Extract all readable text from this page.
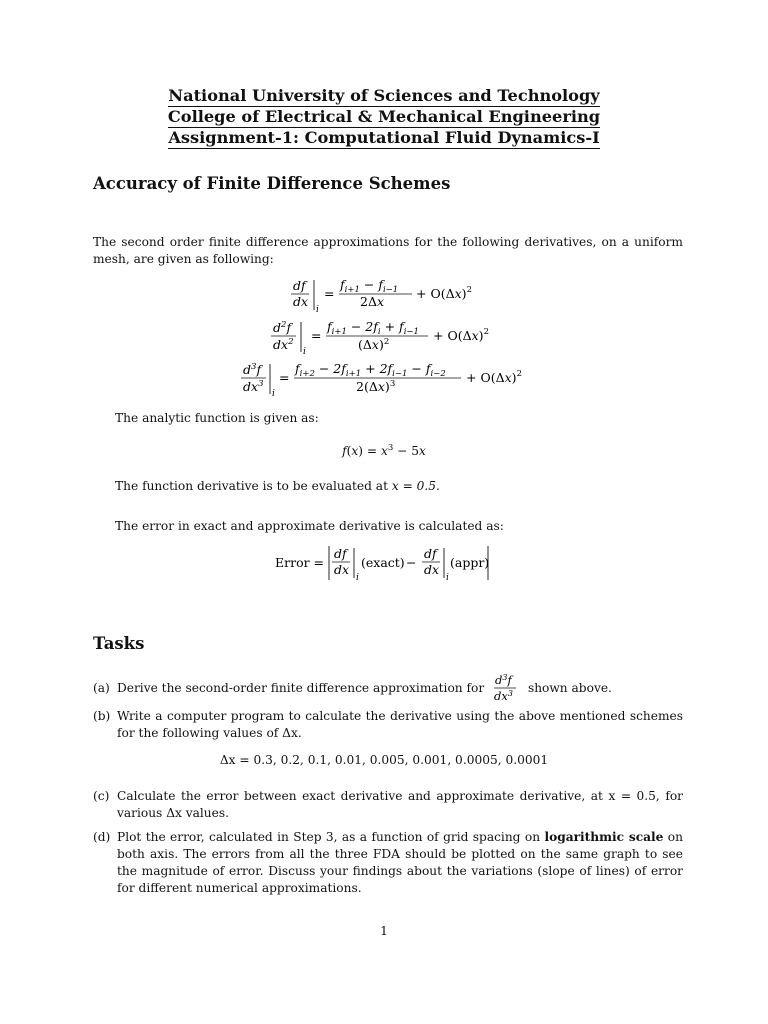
National University of Sciences and Technology
College of Electrical & Mechanical Engineering
Assignment-1: Computational Fluid Dynamics-I
Accuracy of Finite Difference Schemes
The second order finite difference approximations for the following derivatives, on a uniform mesh, are given as following:
df
dx
i
=
$f_{i+1} - f_{i-1}$
2Δx
+ $O(\Delta x)^2$
$d^2f$
$dx^2$
i
=
$f_{i+1} - 2f_i + f_{i-1}$
$(\Delta x)^2$	+ $O(\Delta x)^2$
$d^3f$
$dx^3$
i
=
$f_{i+2} - 2f_{i+1} + 2f_{i-1} - f_{i-2}$
$2(\Delta x)^3$	+ $O(\Delta x)^2$
The analytic function is given as:
$f(x) = x^3 - 5x$
The function derivative is to be evaluated at x = 0.5.
The error in exact and approximate derivative is calculated as:
Error =
df
dx
i
(exact) −
df
dx
i
(appr)
Tasks
(a) Derive the second-order finite difference approximation for
$d^3f$
$dx^3$ shown above.
(b) Write a computer program to calculate the derivative using the above mentioned schemes for the following values of Δx.
Δx = 0.3, 0.2, 0.1, 0.01, 0.005, 0.001, 0.0005, 0.0001
(c) Calculate the error between exact derivative and approximate derivative, at x = 0.5, for various Δx values.
(d) Plot the error, calculated in Step 3, as a function of grid spacing on logarithmic scale on both axis. The errors from all the three FDA should be plotted on the same graph to see the magnitude of error. Discuss your findings about the variations (slope of lines) of error for different numerical approximations.
1
